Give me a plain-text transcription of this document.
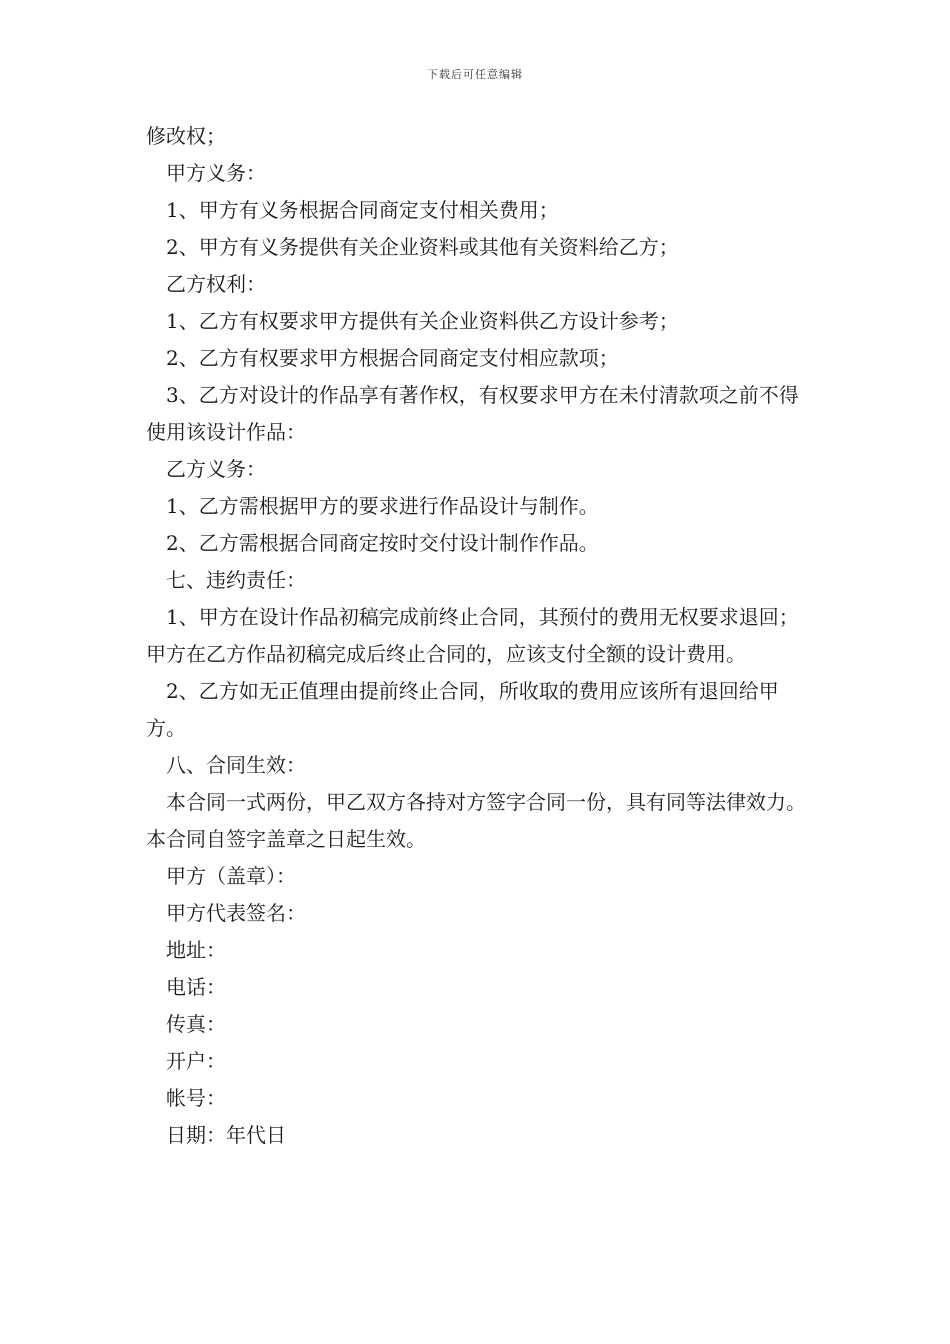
下载后可任意编辑

修改权；

甲方义务：

1、甲方有义务根据合同商定支付相关费用；

2、甲方有义务提供有关企业资料或其他有关资料给乙方；

乙方权利：

1、乙方有权要求甲方提供有关企业资料供乙方设计参考；

2、乙方有权要求甲方根据合同商定支付相应款项；

3、乙方对设计的作品享有著作权，有权要求甲方在未付清款项之前不得使用该设计作品：

乙方义务：

1、乙方需根据甲方的要求进行作品设计与制作。

2、乙方需根据合同商定按时交付设计制作作品。

七、违约责任：

1、甲方在设计作品初稿完成前终止合同，其预付的费用无权要求退回；甲方在乙方作品初稿完成后终止合同的，应该支付全额的设计费用。

2、乙方如无正值理由提前终止合同，所收取的费用应该所有退回给甲方。

八、合同生效：

本合同一式两份，甲乙双方各持对方签字合同一份，具有同等法律效力。本合同自签字盖章之日起生效。

甲方（盖章）：

甲方代表签名：

地址：

电话：

传真：

开户：

帐号：

日期：年代日
